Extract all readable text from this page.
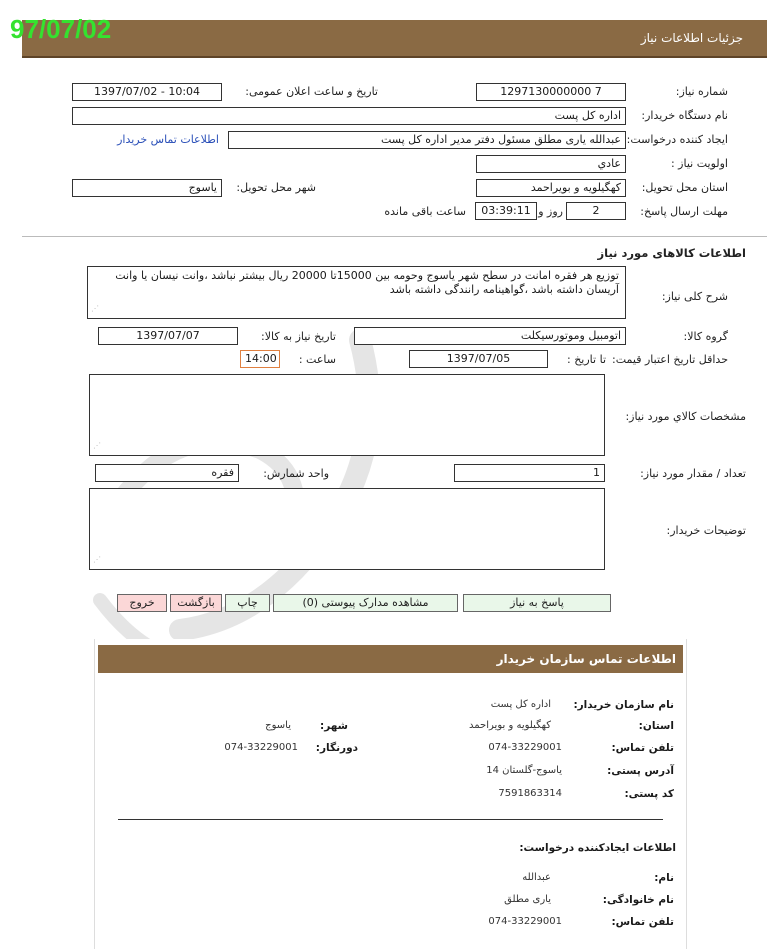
97/07/02	جزئیات اطلاعات نیاز
شماره نیاز:
1297130000000 7
تاریخ و ساعت اعلان عمومی:
1397/07/02 - 10:04
نام دستگاه خریدار:
اداره کل پست
ایجاد کننده درخواست:
عبدالله یاری مطلق مسئول دفتر مدیر اداره کل پست
اطلاعات تماس خریدار
اولویت نیاز :
عادي
استان محل تحویل:
کهگیلویه و بویراحمد
شهر محل تحویل:
یاسوج
مهلت ارسال پاسخ:
2
روز و
03:39:11
ساعت باقی مانده
اطلاعات کالاهای مورد نیاز
شرح کلی نیاز:
توزیع هر فقره امانت در سطح شهر یاسوج وحومه بین 15000تا 20000 ریال بیشتر نباشد ،وانت نیسان یا وانت آریسان داشته باشد ،گواهینامه رانندگی داشته باشد
⋰
گروه کالا:
اتومبیل وموتورسیکلت
تاریخ نیاز به کالا:
1397/07/07
حداقل تاریخ اعتبار قیمت:
تا تاریخ :
1397/07/05
ساعت :
14:00
مشخصات کالاي مورد نياز:
⋰
تعداد / مقدار مورد نیاز:
1
واحد شمارش:
فقره
توضیحات خریدار:
⋰
پاسخ به نیاز
مشاهده مدارک پیوستی (0)
چاپ
بازگشت
خروج
اطلاعات تماس سازمان خریدار
نام سازمان خریدار:
اداره کل پست
استان:
کهگیلویه و بویراحمد
شهر:
یاسوج
تلفن تماس:
074-33229001
دورنگار:
074-33229001
آدرس پستی:
یاسوج-گلستان 14
کد پستی:
7591863314
اطلاعات ایجادکننده درخواست:
نام:
عبدالله
نام خانوادگی:
یاری مطلق
تلفن تماس:
074-33229001
